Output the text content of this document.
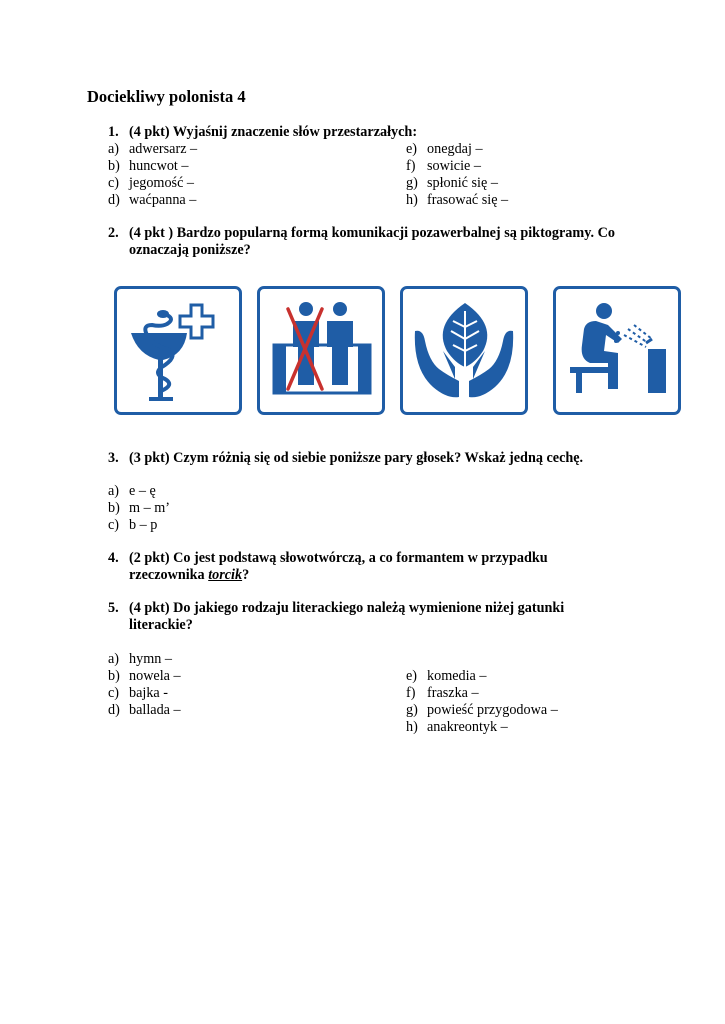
Dociekliwy polonista 4
1. (4 pkt) Wyjaśnij znaczenie słów przestarzałych:
a) adwersarz –	e) onegdaj –
b) huncwot –	f) sowicie –
c) jegomość –	g) spłonić się –
d) waćpanna –	h) frasować się –
2. (4 pkt ) Bardzo popularną formą komunikacji pozawerbalnej są piktogramy. Co
oznaczają poniższe?
3. (3 pkt) Czym różnią się od siebie poniższe pary głosek? Wskaż jedną cechę.
a) e – ę
b) m – m’
c) b – p
4. (2 pkt) Co jest podstawą słowotwórczą, a co formantem w przypadku
rzeczownika torcik?
5. (4 pkt) Do jakiego rodzaju literackiego należą wymienione niżej gatunki
literackie?
a) hymn –
b) nowela –	e) komedia –
c) bajka -	f) fraszka –
d) ballada –	g) powieść przygodowa –
h) anakreontyk –
